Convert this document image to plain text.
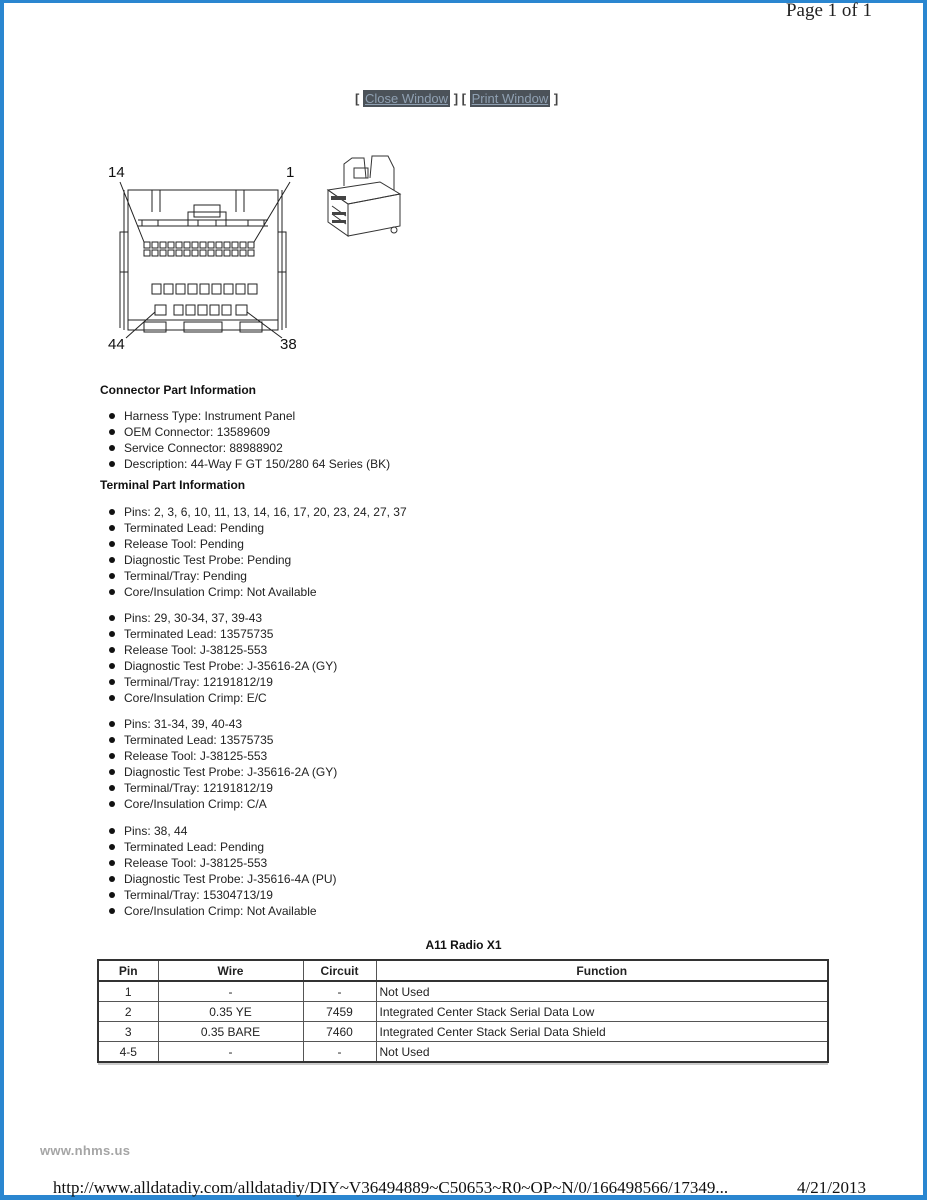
Page 1 of 1
[ Close Window ] [ Print Window ]
14	1
44	38
Connector Part Information
Harness Type: Instrument Panel
OEM Connector: 13589609
Service Connector: 88988902
Description: 44-Way F GT 150/280 64 Series (BK)
Terminal Part Information
Pins: 2, 3, 6, 10, 11, 13, 14, 16, 17, 20, 23, 24, 27, 37
Terminated Lead: Pending
Release Tool: Pending
Diagnostic Test Probe: Pending
Terminal/Tray: Pending
Core/Insulation Crimp: Not Available
Pins: 29, 30-34, 37, 39-43
Terminated Lead: 13575735
Release Tool: J-38125-553
Diagnostic Test Probe: J-35616-2A (GY)
Terminal/Tray: 12191812/19
Core/Insulation Crimp: E/C
Pins: 31-34, 39, 40-43
Terminated Lead: 13575735
Release Tool: J-38125-553
Diagnostic Test Probe: J-35616-2A (GY)
Terminal/Tray: 12191812/19
Core/Insulation Crimp: C/A
Pins: 38, 44
Terminated Lead: Pending
Release Tool: J-38125-553
Diagnostic Test Probe: J-35616-4A (PU)
Terminal/Tray: 15304713/19
Core/Insulation Crimp: Not Available
A11 Radio X1
Pin	Wire	Circuit	Function
1	-	-	Not Used
2	0.35 YE	7459	Integrated Center Stack Serial Data Low
3	0.35 BARE	7460	Integrated Center Stack Serial Data Shield
4-5	-	-	Not Used
www.nhms.us
http://www.alldatadiy.com/alldatadiy/DIY~V36494889~C50653~R0~OP~N/0/166498566/17349...	4/21/2013
